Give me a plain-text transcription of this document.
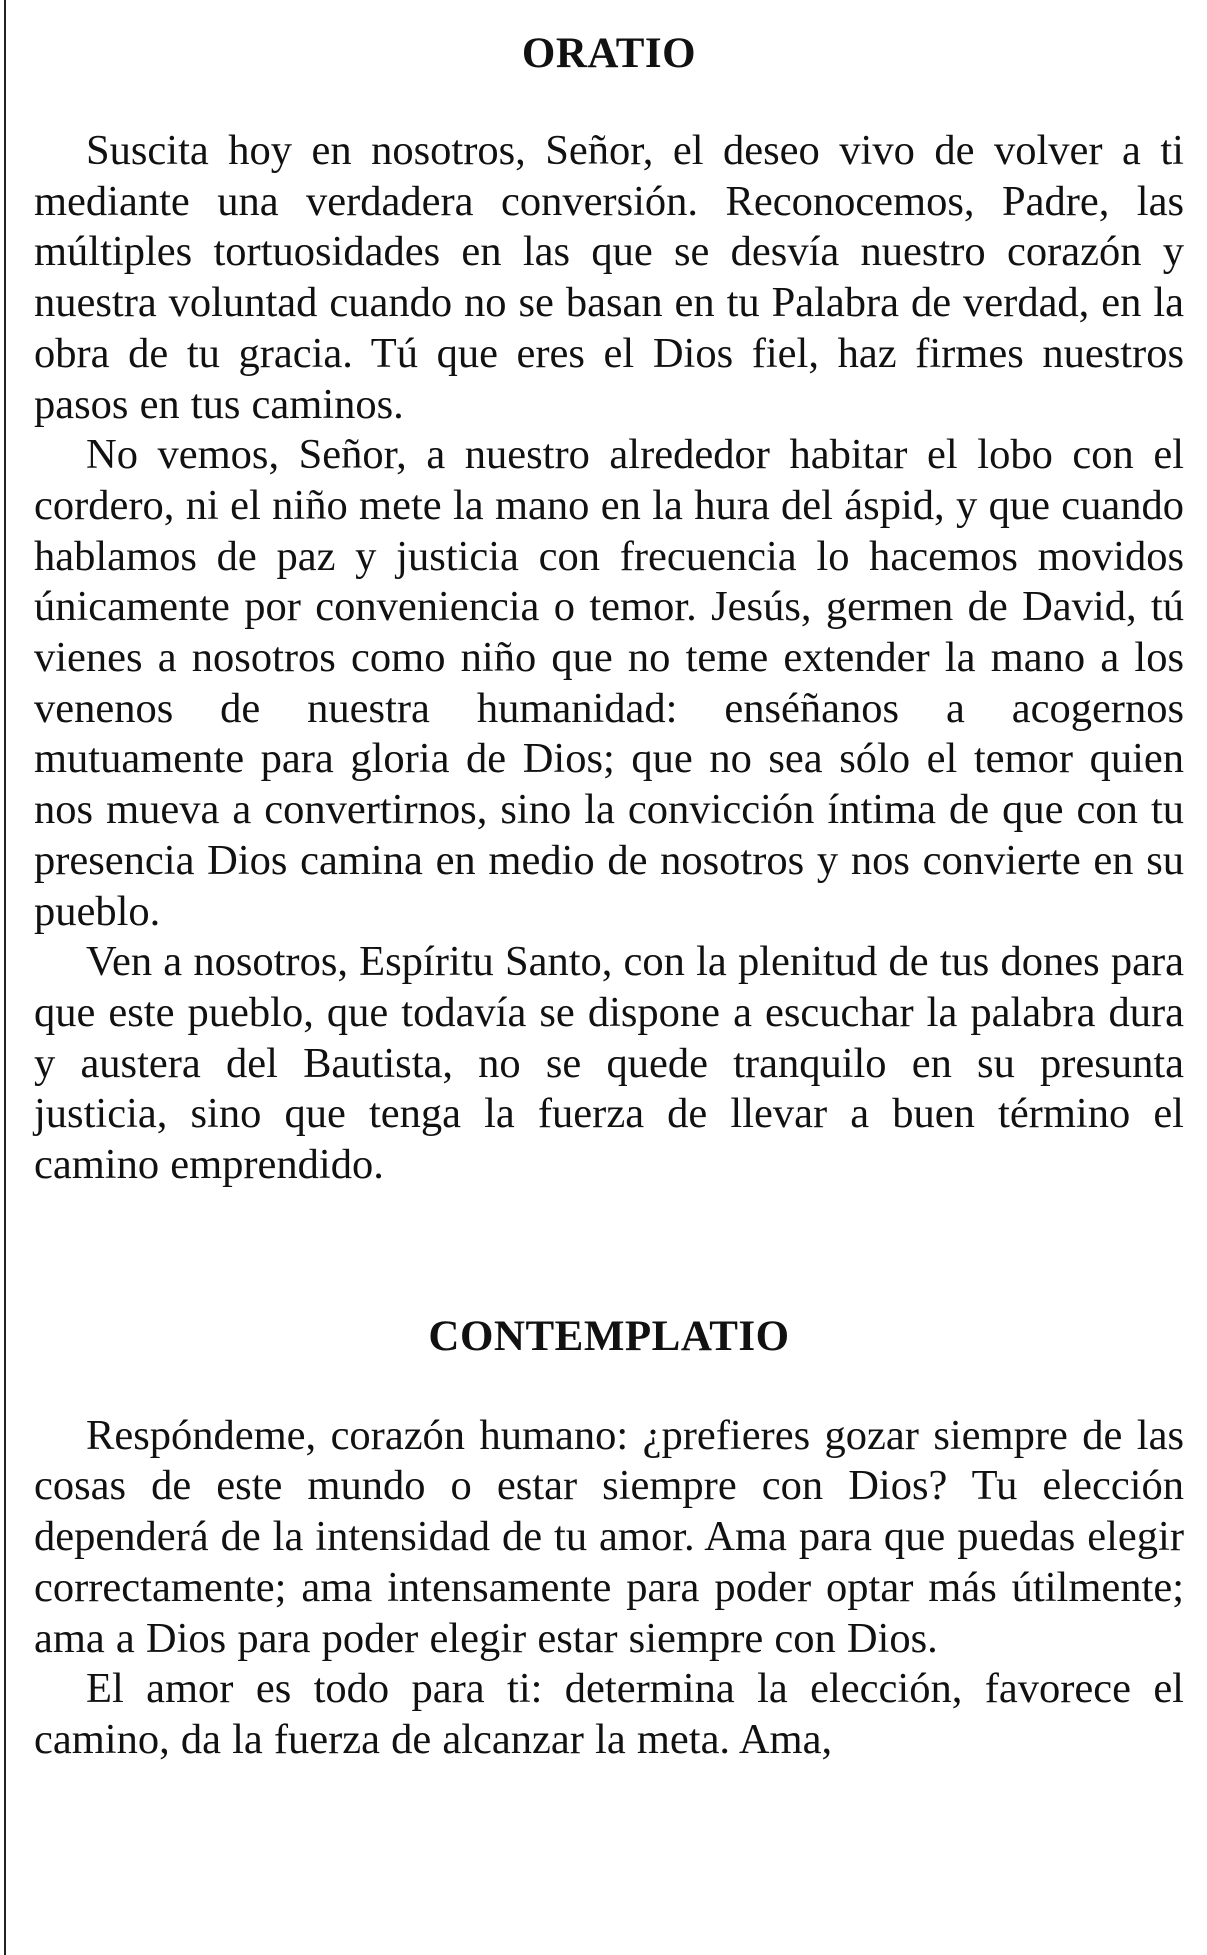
ORATIO

Suscita hoy en nosotros, Señor, el deseo vivo de volver a ti mediante una verdadera conversión. Reconocemos, Padre, las múltiples tortuosidades en las que se desvía nuestro corazón y nuestra voluntad cuando no se basan en tu Palabra de verdad, en la obra de tu gracia. Tú que eres el Dios fiel, haz firmes nuestros pasos en tus caminos.

No vemos, Señor, a nuestro alrededor habitar el lobo con el cordero, ni el niño mete la mano en la hura del áspid, y que cuando hablamos de paz y justicia con frecuencia lo hacemos movidos únicamente por conveniencia o temor. Jesús, germen de David, tú vienes a nosotros como niño que no teme extender la mano a los venenos de nuestra humanidad: enséñanos a acogernos mutuamente para gloria de Dios; que no sea sólo el temor quien nos mueva a convertirnos, sino la convicción íntima de que con tu presencia Dios camina en medio de nosotros y nos convierte en su pueblo.

Ven a nosotros, Espíritu Santo, con la plenitud de tus dones para que este pueblo, que todavía se dispone a escuchar la palabra dura y austera del Bautista, no se quede tranquilo en su presunta justicia, sino que tenga la fuerza de llevar a buen término el camino emprendido.

CONTEMPLATIO

Respóndeme, corazón humano: ¿prefieres gozar siempre de las cosas de este mundo o estar siempre con Dios? Tu elección dependerá de la intensidad de tu amor. Ama para que puedas elegir correctamente; ama intensamente para poder optar más útilmente; ama a Dios para poder elegir estar siempre con Dios.

El amor es todo para ti: determina la elección, favorece el camino, da la fuerza de alcanzar la meta. Ama,
